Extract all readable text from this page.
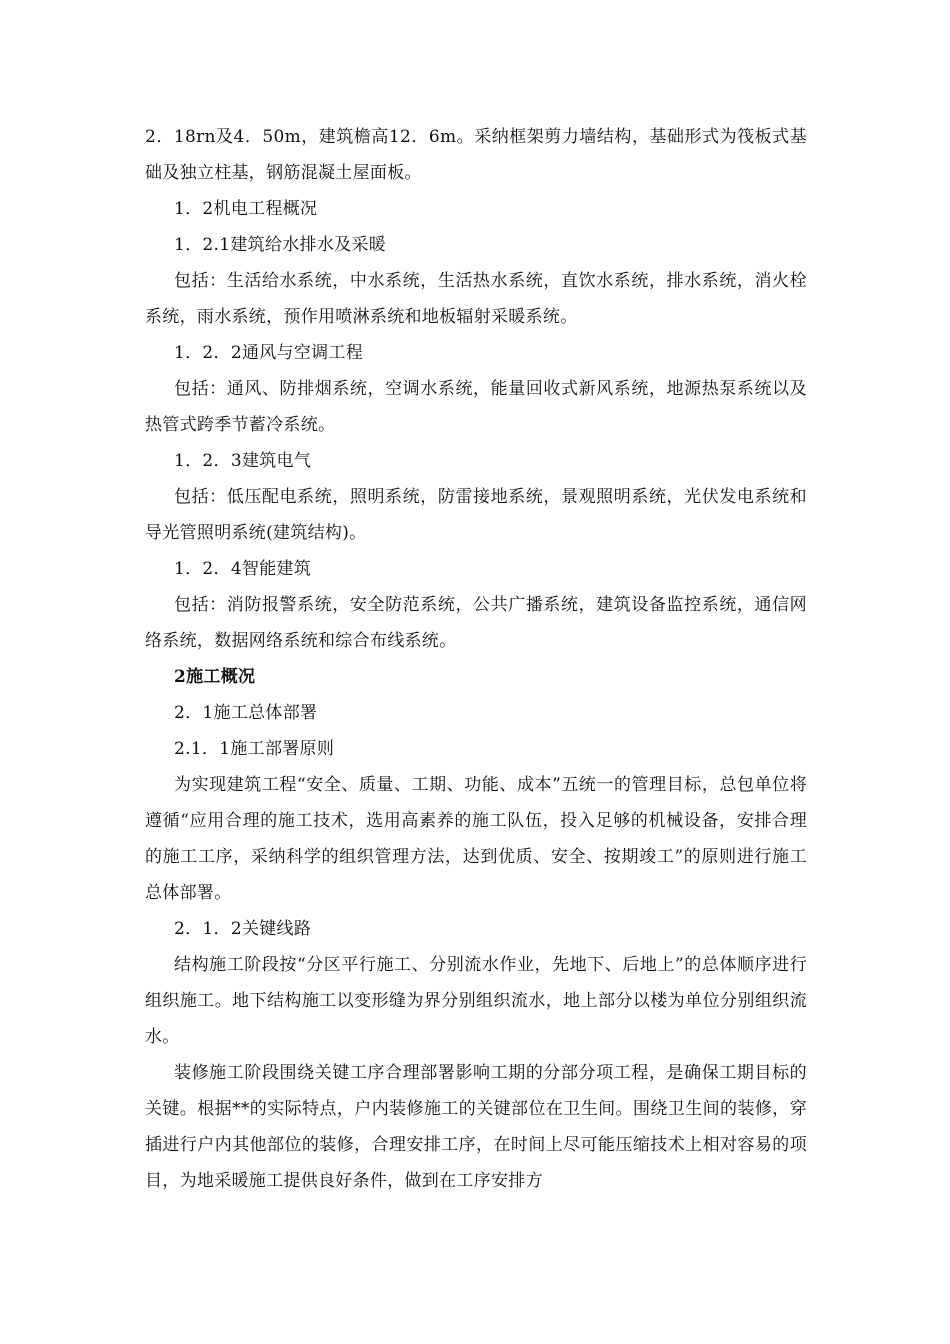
2．18rn及4．50m，建筑檐高12．6m。采纳框架剪力墙结构，基础形式为筏板式基础及独立柱基，钢筋混凝土屋面板。

1．2机电工程概况

1．2.1建筑给水排水及采暖

包括：生活给水系统，中水系统，生活热水系统，直饮水系统，排水系统，消火栓系统，雨水系统，预作用喷淋系统和地板辐射采暖系统。

1．2．2通风与空调工程

包括：通风、防排烟系统，空调水系统，能量回收式新风系统，地源热泵系统以及热管式跨季节蓄冷系统。

1．2．3建筑电气

包括：低压配电系统，照明系统，防雷接地系统，景观照明系统，光伏发电系统和导光管照明系统(建筑结构)。

1．2．4智能建筑

包括：消防报警系统，安全防范系统，公共广播系统，建筑设备监控系统，通信网络系统，数据网络系统和综合布线系统。

2施工概况

2．1施工总体部署

2.1．1施工部署原则

为实现建筑工程“安全、质量、工期、功能、成本”五统一的管理目标，总包单位将遵循“应用合理的施工技术，选用高素养的施工队伍，投入足够的机械设备，安排合理的施工工序，采纳科学的组织管理方法，达到优质、安全、按期竣工”的原则进行施工总体部署。

2．1．2关键线路

结构施工阶段按“分区平行施工、分别流水作业，先地下、后地上”的总体顺序进行组织施工。地下结构施工以变形缝为界分别组织流水，地上部分以楼为单位分别组织流水。

装修施工阶段围绕关键工序合理部署影响工期的分部分项工程，是确保工期目标的关键。根据**的实际特点，户内装修施工的关键部位在卫生间。围绕卫生间的装修，穿插进行户内其他部位的装修，合理安排工序，在时间上尽可能压缩技术上相对容易的项目，为地采暖施工提供良好条件，做到在工序安排方
